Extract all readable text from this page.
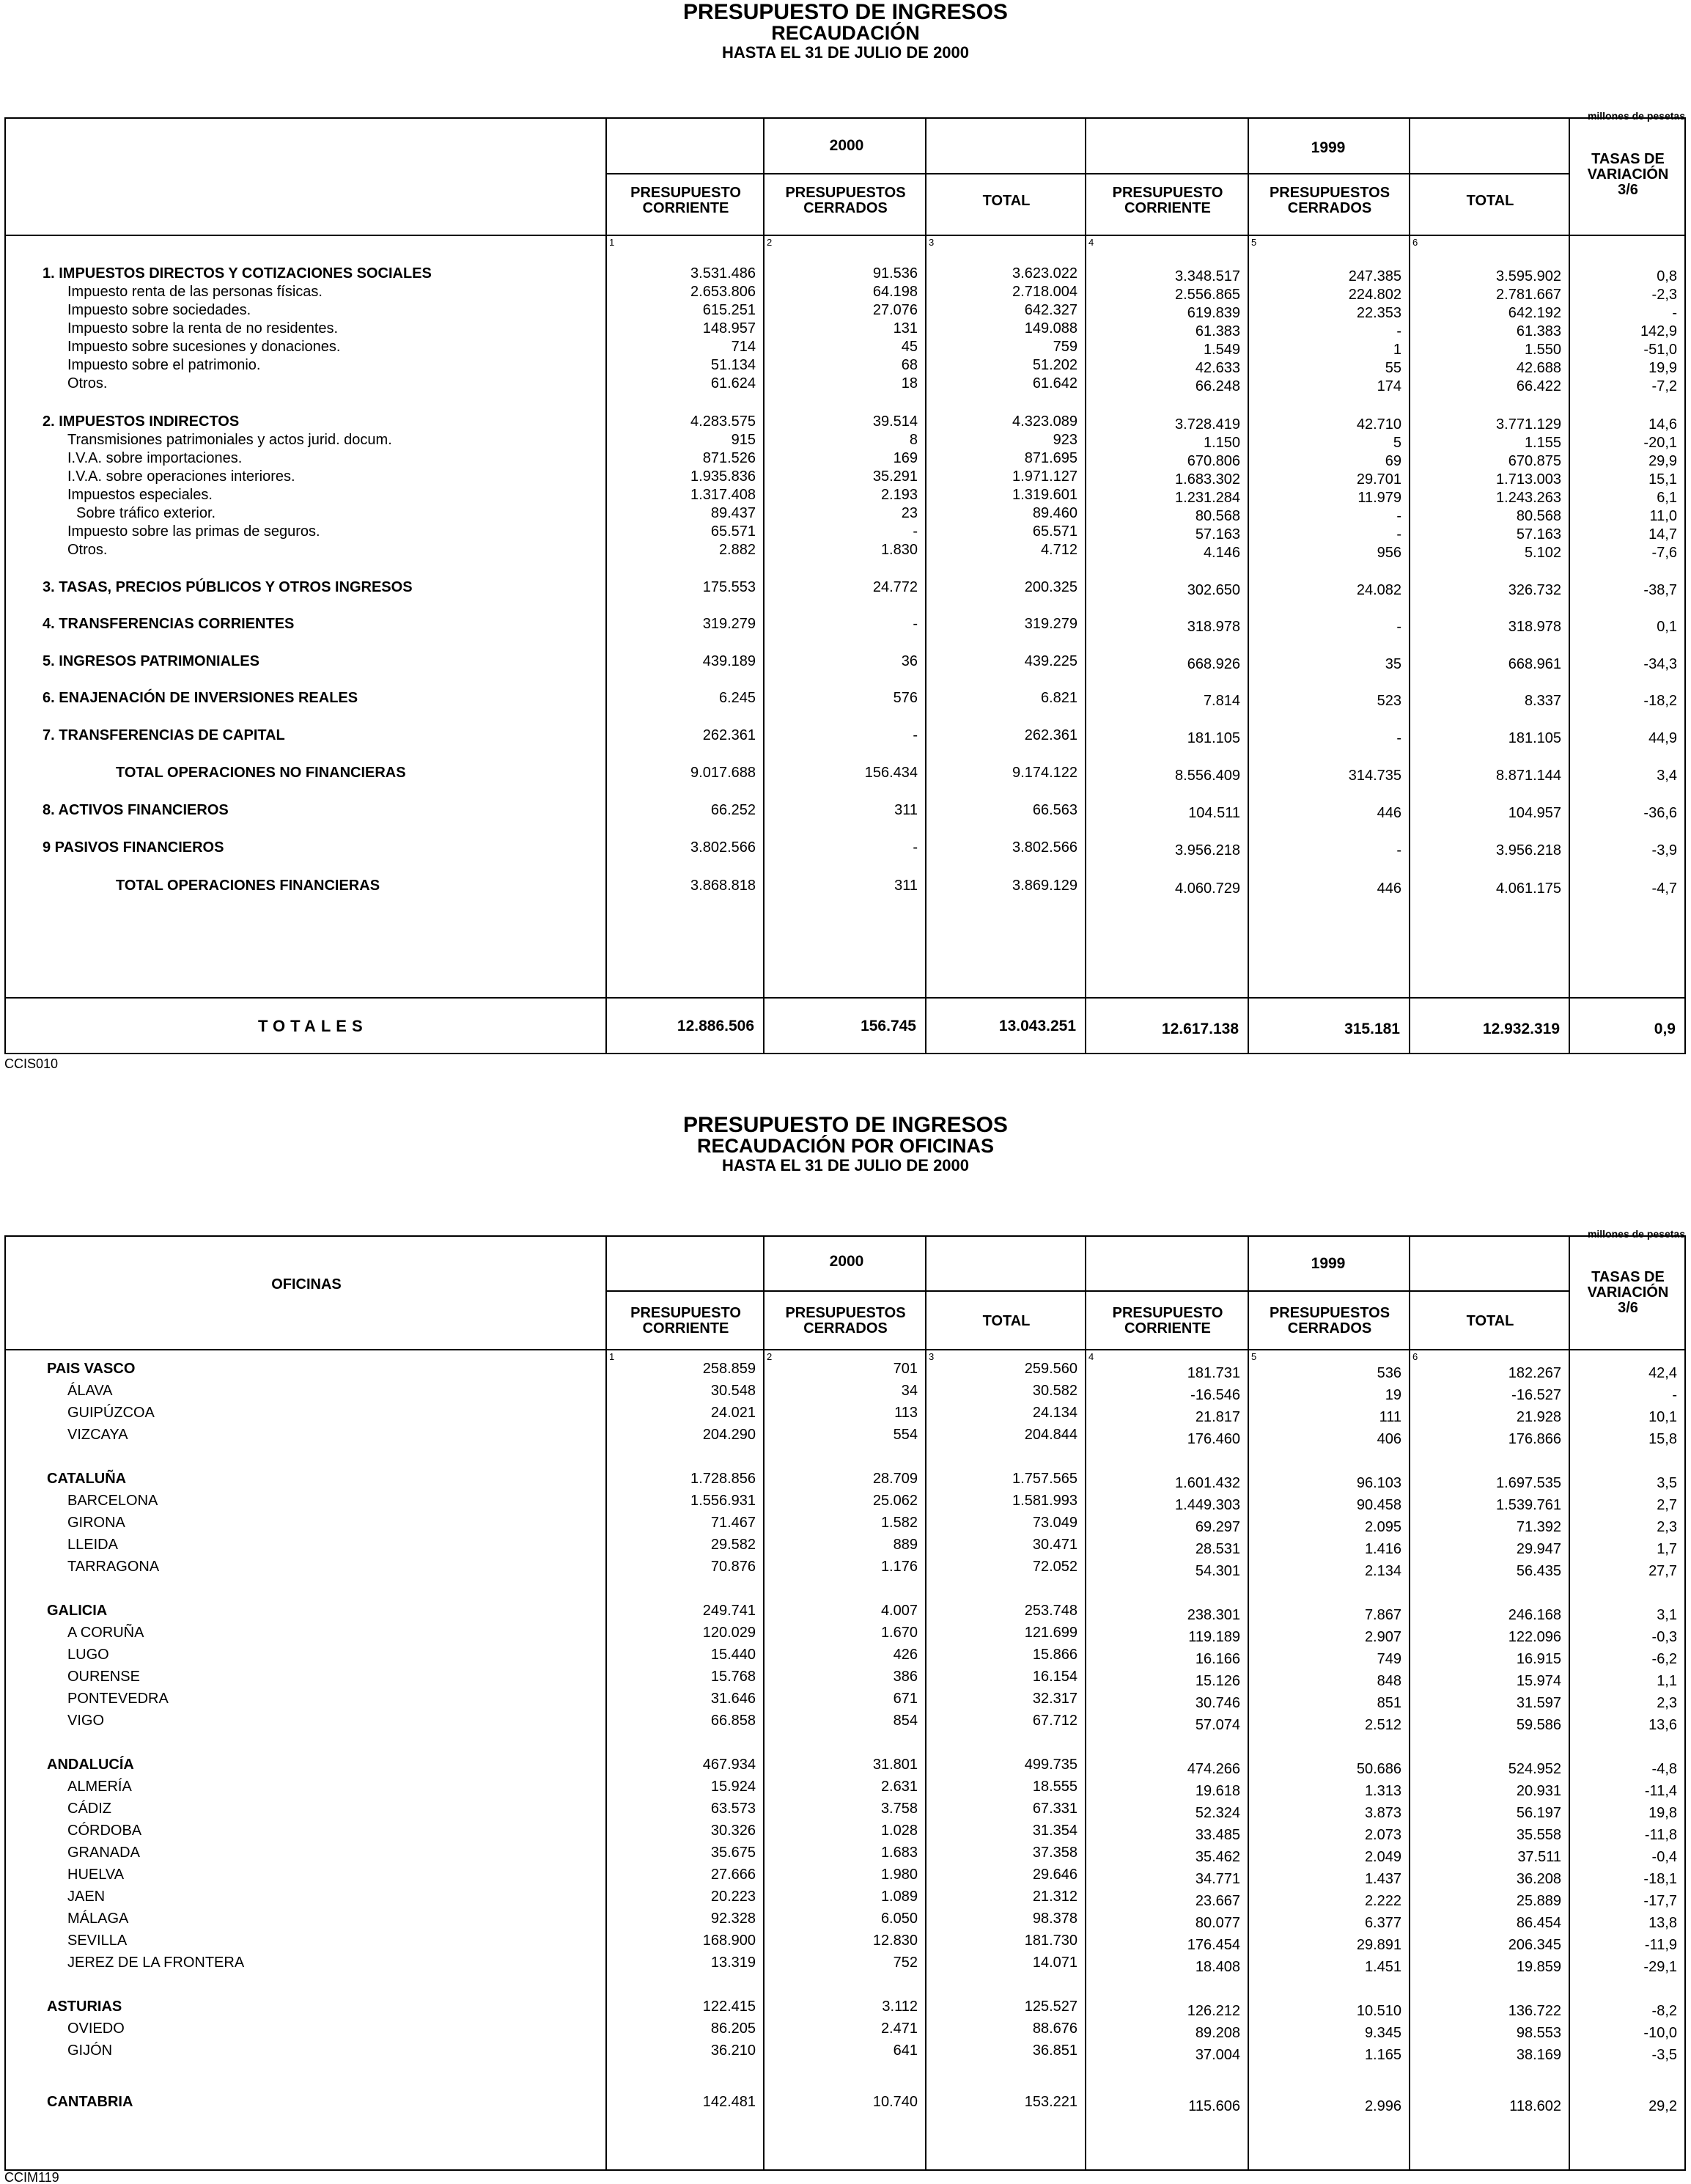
PRESUPUESTO DE INGRESOS
RECAUDACIÓN
HASTA EL 31 DE JULIO DE 2000
millones de pesetas
2000	1999
PRESUPUESTO
CORRIENTE
PRESUPUESTOS
CERRADOS	TOTAL	PRESUPUESTO
CORRIENTE
PRESUPUESTOS
CERRADOS	TOTAL
TASAS DE
VARIACIÓN
3/6
1	2	3	4	5	6
1. IMPUESTOS DIRECTOS Y COTIZACIONES SOCIALES	3.531.486	91.536	3.623.022	3.348.517	247.385	3.595.902	0,8
Impuesto renta de las personas físicas.	2.653.806	64.198	2.718.004	2.556.865	224.802	2.781.667	-2,3
Impuesto sobre sociedades.	615.251	27.076	642.327	619.839	22.353	642.192	-
Impuesto sobre la renta de no residentes.	148.957	131	149.088	61.383	-	61.383	142,9
Impuesto sobre sucesiones y donaciones.	714	45	759	1.549	1	1.550	-51,0
Impuesto sobre el patrimonio.	51.134	68	51.202	42.633	55	42.688	19,9
Otros.	61.624	18	61.642	66.248	174	66.422	-7,2
2. IMPUESTOS INDIRECTOS	4.283.575	39.514	4.323.089	3.728.419	42.710	3.771.129	14,6
Transmisiones patrimoniales y actos jurid. docum.	915	8	923	1.150	5	1.155	-20,1
I.V.A. sobre importaciones.	871.526	169	871.695	670.806	69	670.875	29,9
I.V.A. sobre operaciones interiores.	1.935.836	35.291	1.971.127	1.683.302	29.701	1.713.003	15,1
Impuestos especiales.	1.317.408	2.193	1.319.601	1.231.284	11.979	1.243.263	6,1
Sobre tráfico exterior.	89.437	23	89.460	80.568	-	80.568	11,0
Impuesto sobre las primas de seguros.	65.571	-	65.571	57.163	-	57.163	14,7
Otros.	2.882	1.830	4.712	4.146	956	5.102	-7,6
3. TASAS, PRECIOS PÚBLICOS Y OTROS INGRESOS	175.553	24.772	200.325	302.650	24.082	326.732	-38,7
4. TRANSFERENCIAS CORRIENTES	319.279	-	319.279	318.978	-	318.978	0,1
5. INGRESOS PATRIMONIALES	439.189	36	439.225	668.926	35	668.961	-34,3
6. ENAJENACIÓN DE INVERSIONES REALES	6.245	576	6.821	7.814	523	8.337	-18,2
7. TRANSFERENCIAS DE CAPITAL	262.361	-	262.361	181.105	-	181.105	44,9
TOTAL OPERACIONES NO FINANCIERAS	9.017.688	156.434	9.174.122	8.556.409	314.735	8.871.144	3,4
8. ACTIVOS FINANCIEROS	66.252	311	66.563	104.511	446	104.957	-36,6
9 PASIVOS FINANCIEROS	3.802.566	-	3.802.566	3.956.218	-	3.956.218	-3,9
TOTAL OPERACIONES FINANCIERAS	3.868.818	311	3.869.129	4.060.729	446	4.061.175	-4,7
TOTALES	12.886.506	156.745	13.043.251	12.617.138	315.181	12.932.319	0,9
CCIS010
PRESUPUESTO DE INGRESOS
RECAUDACIÓN POR OFICINAS
HASTA EL 31 DE JULIO DE 2000
millones de pesetas
2000	1999
PRESUPUESTO
CORRIENTE
PRESUPUESTOS
CERRADOS	TOTAL	PRESUPUESTO
CORRIENTE
PRESUPUESTOS
CERRADOS	TOTAL
TASAS DE
VARIACIÓN
3/6
OFICINAS
1	2	3	4	5	6
PAIS VASCO	258.859	701	259.560	181.731	536	182.267	42,4
ÁLAVA	30.548	34	30.582	-16.546	19	-16.527	-
GUIPÚZCOA	24.021	113	24.134	21.817	111	21.928	10,1
VIZCAYA	204.290	554	204.844	176.460	406	176.866	15,8
CATALUÑA	1.728.856	28.709	1.757.565	1.601.432	96.103	1.697.535	3,5
BARCELONA	1.556.931	25.062	1.581.993	1.449.303	90.458	1.539.761	2,7
GIRONA	71.467	1.582	73.049	69.297	2.095	71.392	2,3
LLEIDA	29.582	889	30.471	28.531	1.416	29.947	1,7
TARRAGONA	70.876	1.176	72.052	54.301	2.134	56.435	27,7
GALICIA	249.741	4.007	253.748	238.301	7.867	246.168	3,1
A CORUÑA	120.029	1.670	121.699	119.189	2.907	122.096	-0,3
LUGO	15.440	426	15.866	16.166	749	16.915	-6,2
OURENSE	15.768	386	16.154	15.126	848	15.974	1,1
PONTEVEDRA	31.646	671	32.317	30.746	851	31.597	2,3
VIGO	66.858	854	67.712	57.074	2.512	59.586	13,6
ANDALUCÍA	467.934	31.801	499.735	474.266	50.686	524.952	-4,8
ALMERÍA	15.924	2.631	18.555	19.618	1.313	20.931	-11,4
CÁDIZ	63.573	3.758	67.331	52.324	3.873	56.197	19,8
CÓRDOBA	30.326	1.028	31.354	33.485	2.073	35.558	-11,8
GRANADA	35.675	1.683	37.358	35.462	2.049	37.511	-0,4
HUELVA	27.666	1.980	29.646	34.771	1.437	36.208	-18,1
JAEN	20.223	1.089	21.312	23.667	2.222	25.889	-17,7
MÁLAGA	92.328	6.050	98.378	80.077	6.377	86.454	13,8
SEVILLA	168.900	12.830	181.730	176.454	29.891	206.345	-11,9
JEREZ DE LA FRONTERA	13.319	752	14.071	18.408	1.451	19.859	-29,1
ASTURIAS	122.415	3.112	125.527	126.212	10.510	136.722	-8,2
OVIEDO	86.205	2.471	88.676	89.208	9.345	98.553	-10,0
GIJÓN	36.210	641	36.851	37.004	1.165	38.169	-3,5
CANTABRIA	142.481	10.740	153.221	115.606	2.996	118.602	29,2
CCIM119
